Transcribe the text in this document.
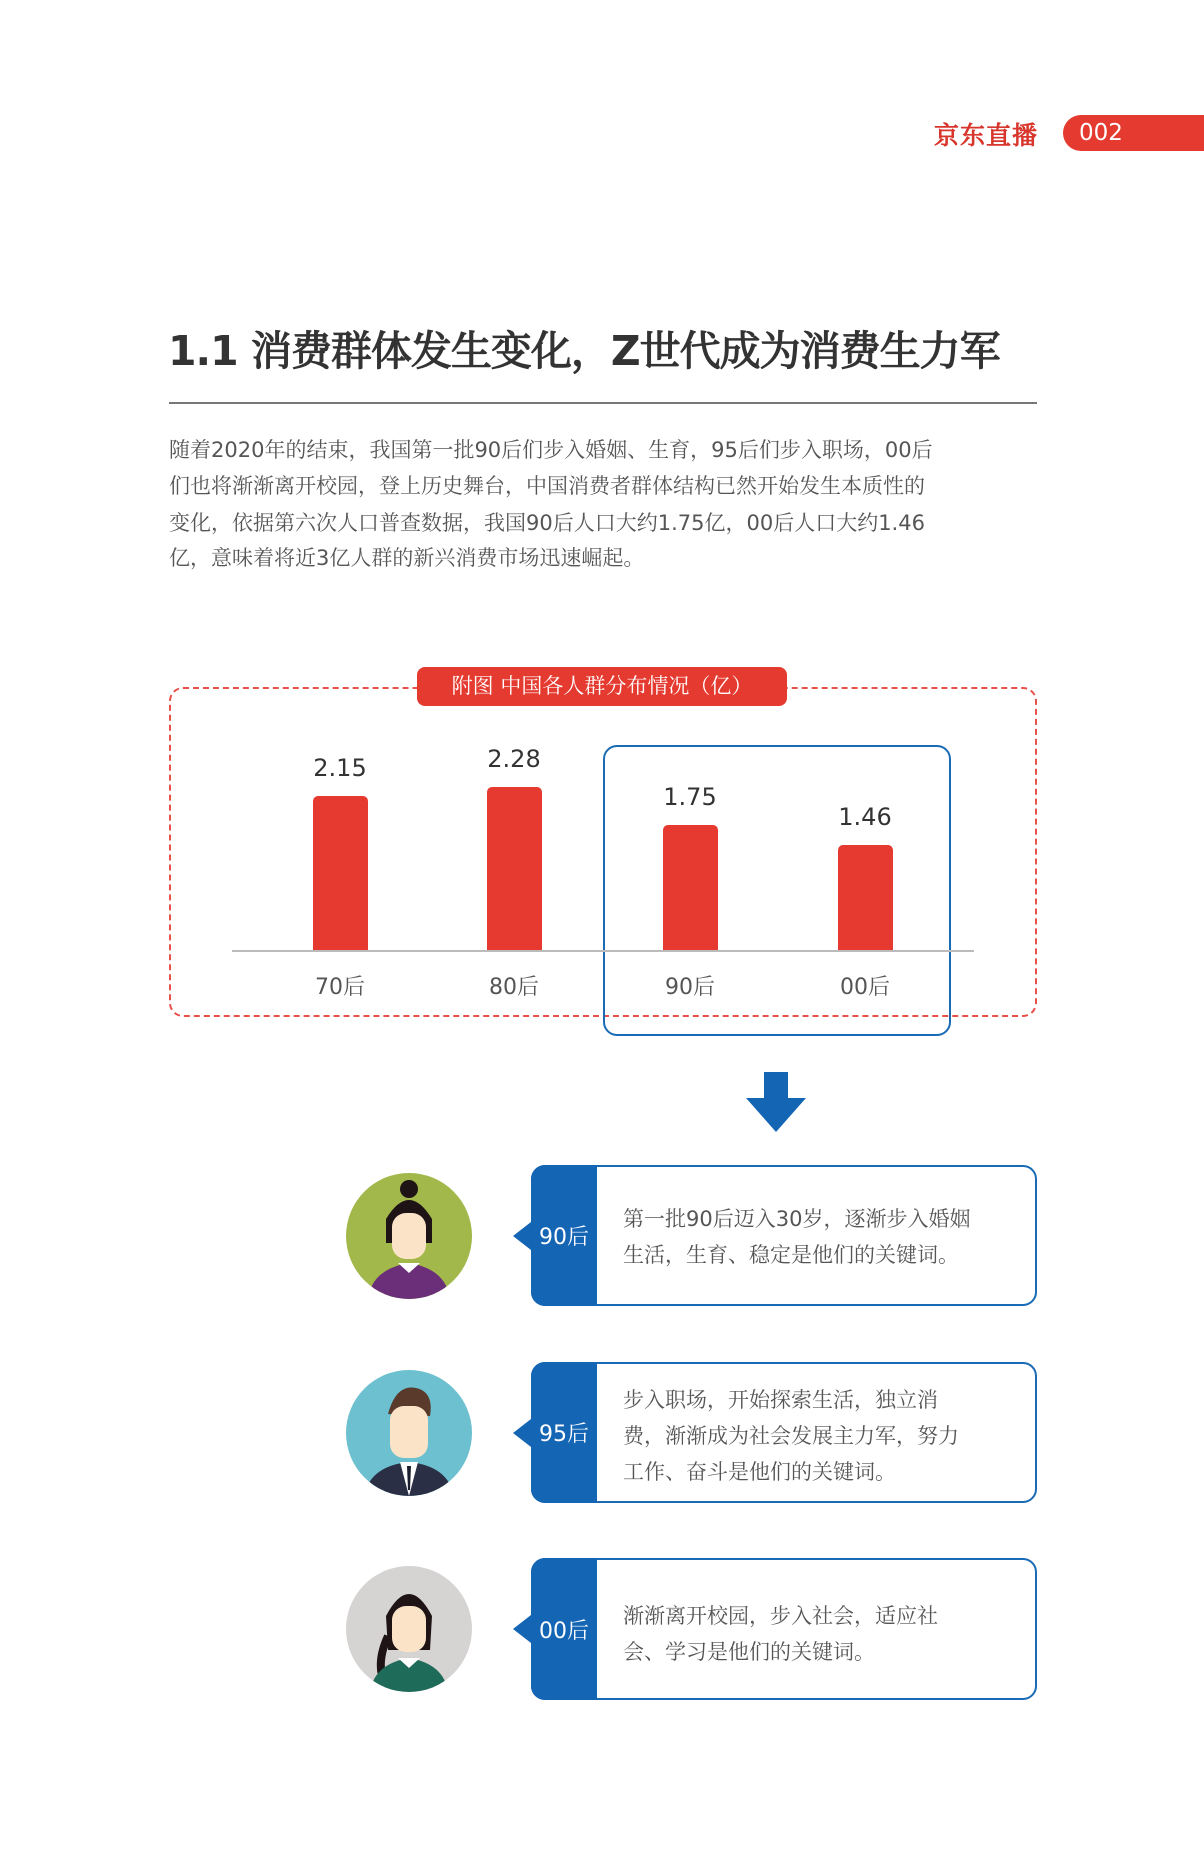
京东直播	002
1.1 消费群体发生变化，Z世代成为消费生力军
随着2020年的结束，我国第一批90后们步入婚姻、生育，95后们步入职场，00后
们也将渐渐离开校园，登上历史舞台，中国消费者群体结构已然开始发生本质性的
变化，依据第六次人口普查数据，我国90后人口大约1.75亿，00后人口大约1.46
亿，意味着将近3亿人群的新兴消费市场迅速崛起。
附图 中国各人群分布情况（亿）
2.15
70后
2.28
80后
1.75
90后
1.46
00后
90后
第一批90后迈入30岁，逐渐步入婚姻
生活，生育、稳定是他们的关键词。
95后
步入职场，开始探索生活，独立消
费，渐渐成为社会发展主力军，努力
工作、奋斗是他们的关键词。
00后
渐渐离开校园，步入社会，适应社
会、学习是他们的关键词。
